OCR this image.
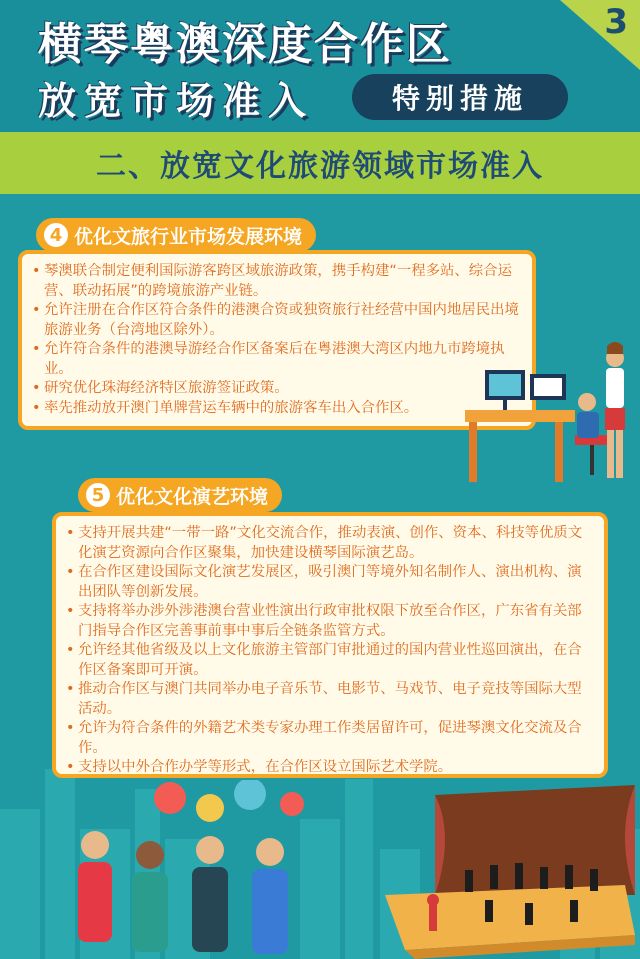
3
横琴粤澳深度合作区
放宽市场准入	特别措施
二、放宽文化旅游领域市场准入
4 优化文旅行业市场发展环境
• 琴澳联合制定便利国际游客跨区域旅游政策，携手构建“一程多站、综合运营、联动拓展”的跨境旅游产业链。
• 允许注册在合作区符合条件的港澳合资或独资旅行社经营中国内地居民出境旅游业务（台湾地区除外）。
• 允许符合条件的港澳导游经合作区备案后在粤港澳大湾区内地九市跨境执业。
• 研究优化珠海经济特区旅游签证政策。
• 率先推动放开澳门单牌营运车辆中的旅游客车出入合作区。
5 优化文化演艺环境
• 支持开展共建“一带一路”文化交流合作，推动表演、创作、资本、科技等优质文化演艺资源向合作区聚集，加快建设横琴国际演艺岛。
• 在合作区建设国际文化演艺发展区，吸引澳门等境外知名制作人、演出机构、演出团队等创新发展。
• 支持将举办涉外涉港澳台营业性演出行政审批权限下放至合作区，广东省有关部门指导合作区完善事前事中事后全链条监管方式。
• 允许经其他省级及以上文化旅游主管部门审批通过的国内营业性巡回演出，在合作区备案即可开演。
• 推动合作区与澳门共同举办电子音乐节、电影节、马戏节、电子竞技等国际大型活动。
• 允许为符合条件的外籍艺术类专家办理工作类居留许可，促进琴澳文化交流及合作。
• 支持以中外合作办学等形式，在合作区设立国际艺术学院。
